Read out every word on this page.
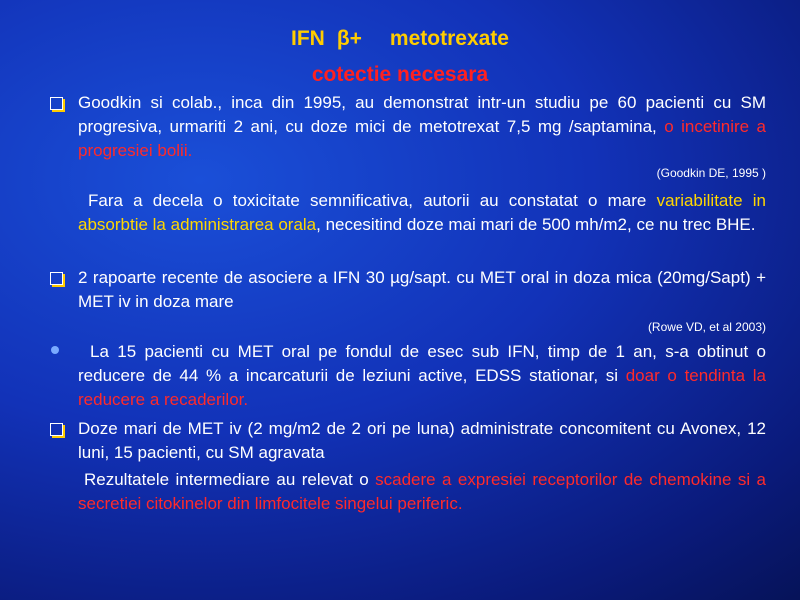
IFN β+ metotrexate
cotectie necesara
Goodkin si colab., inca din 1995, au demonstrat intr-un studiu pe 60 pacienti cu SM progresiva, urmariti 2 ani, cu doze mici de metotrexat 7,5 mg /saptamina, o incetinire a progresiei bolii.
(Goodkin DE, 1995 )
Fara a decela o toxicitate semnificativa, autorii au constatat o mare variabilitate in absorbtie la administrarea orala, necesitind doze mai mari de 500 mh/m2, ce nu trec BHE.
2 rapoarte recente de asociere a IFN 30 µg/sapt. cu MET oral in doza mica (20mg/Sapt) + MET iv in doza mare
(Rowe VD, et al 2003)
La 15 pacienti cu MET oral pe fondul de esec sub IFN, timp de 1 an, s-a obtinut o reducere de 44 % a incarcaturii de leziuni active, EDSS stationar, si doar o tendinta la reducere a recaderilor.
Doze mari de MET iv (2 mg/m2 de 2 ori pe luna) administrate concomitent cu Avonex, 12 luni, 15 pacienti, cu SM agravata
Rezultatele intermediare au relevat o scadere a expresiei receptorilor de chemokine si a secretiei citokinelor din limfocitele singelui periferic.
